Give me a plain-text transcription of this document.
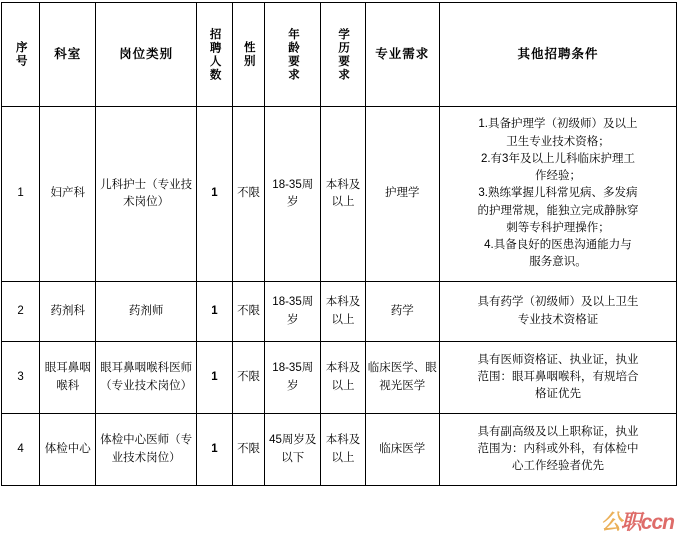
序号	科室	岗位类别	招聘人数	性别	年龄要求	学历要求	专业需求	其他招聘条件

1	妇产科	儿科护士（专业技术岗位）	1	不限	18-35周岁	本科及以上	护理学	
1.具备护理学（初级师）及以上
卫生专业技术资格；
2.有3年及以上儿科临床护理工
作经验；
3.熟练掌握儿科常见病、多发病
的护理常规，能独立完成静脉穿
刺等专科护理操作；
4.具备良好的医患沟通能力与
服务意识。

2	药剂科	药剂师	1	不限	18-35周岁	本科及以上	药学	具有药学（初级师）及以上卫生
专业技术资格证

3	眼耳鼻咽喉科	眼耳鼻咽喉科医师（专业技术岗位）	1	不限	18-35周岁	本科及以上	临床医学、眼视光医学	具有医师资格证、执业证，执业
范围：眼耳鼻咽喉科，有规培合
格证优先

4	体检中心	体检中心医师（专业技术岗位）	1	不限	45周岁及以下	本科及以上	临床医学	具有副高级及以上职称证，执业
范围为：内科或外科，有体检中
心工作经验者优先
公职ccn
